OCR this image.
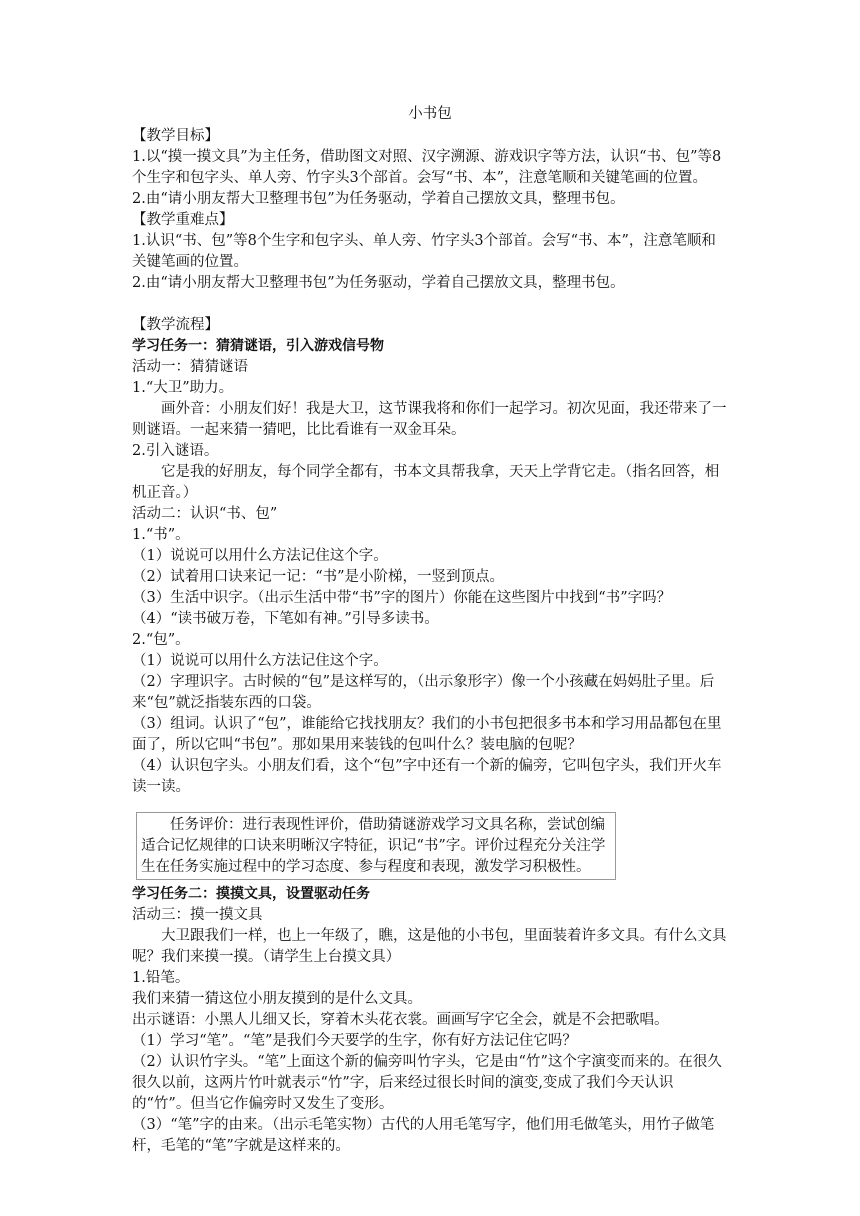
小书包

【教学目标】

1.以“摸一摸文具”为主任务，借助图文对照、汉字溯源、游戏识字等方法，认识“书、包”等8个生字和包字头、单人旁、竹字头3个部首。会写“书、本”，注意笔顺和关键笔画的位置。

2.由“请小朋友帮大卫整理书包”为任务驱动，学着自己摆放文具，整理书包。

【教学重难点】

1.认识“书、包”等8个生字和包字头、单人旁、竹字头3个部首。会写“书、本”，注意笔顺和关键笔画的位置。

2.由“请小朋友帮大卫整理书包”为任务驱动，学着自己摆放文具，整理书包。

【教学流程】

学习任务一：猜猜谜语，引入游戏信号物

活动一：猜猜谜语

1.“大卫”助力。

画外音：小朋友们好！我是大卫，这节课我将和你们一起学习。初次见面，我还带来了一则谜语。一起来猜一猜吧，比比看谁有一双金耳朵。

2.引入谜语。

它是我的好朋友，每个同学全都有，书本文具帮我拿，天天上学背它走。（指名回答，相机正音。）

活动二：认识“书、包”

1.“书”。

（1）说说可以用什么方法记住这个字。

（2）试着用口诀来记一记：“书”是小阶梯，一竖到顶点。

（3）生活中识字。（出示生活中带“书”字的图片）你能在这些图片中找到“书”字吗？

（4）“读书破万卷，下笔如有神。”引导多读书。

2.“包”。

（1）说说可以用什么方法记住这个字。

（2）字理识字。古时候的“包”是这样写的，（出示象形字）像一个小孩藏在妈妈肚子里。后来“包”就泛指装东西的口袋。

（3）组词。认识了“包”，谁能给它找找朋友？我们的小书包把很多书本和学习用品都包在里面了，所以它叫“书包”。那如果用来装钱的包叫什么？装电脑的包呢？

（4）认识包字头。小朋友们看，这个“包”字中还有一个新的偏旁，它叫包字头，我们开火车读一读。

任务评价：进行表现性评价，借助猜谜游戏学习文具名称，尝试创编适合记忆规律的口诀来明晰汉字特征，识记“书”字。评价过程充分关注学生在任务实施过程中的学习态度、参与程度和表现，激发学习积极性。

学习任务二：摸摸文具，设置驱动任务

活动三：摸一摸文具

大卫跟我们一样，也上一年级了，瞧，这是他的小书包，里面装着许多文具。有什么文具呢？我们来摸一摸。（请学生上台摸文具）

1.铅笔。

我们来猜一猜这位小朋友摸到的是什么文具。

出示谜语：小黑人儿细又长，穿着木头花衣裳。画画写字它全会，就是不会把歌唱。

（1）学习“笔”。“笔”是我们今天要学的生字，你有好方法记住它吗？

（2）认识竹字头。“笔”上面这个新的偏旁叫竹字头，它是由“竹”这个字演变而来的。在很久很久以前，这两片竹叶就表示“竹”字，后来经过很长时间的演变,变成了我们今天认识的“竹”。但当它作偏旁时又发生了变形。

（3）“笔”字的由来。（出示毛笔实物）古代的人用毛笔写字，他们用毛做笔头，用竹子做笔杆，毛笔的“笔”字就是这样来的。
